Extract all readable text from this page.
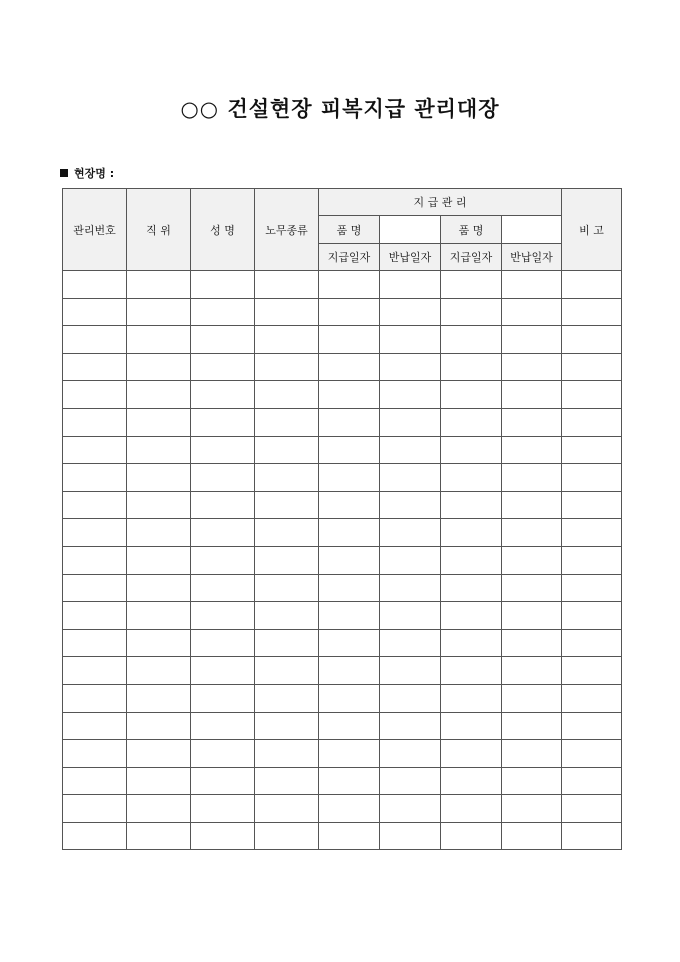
○○ 건설현장 피복지급 관리대장
현장명 :
관리번호	직 위	성 명	노무종류	지 급 관 리				비 고
				품 명		품 명		
				지급일자	반납일자	지급일자	반납일자	
